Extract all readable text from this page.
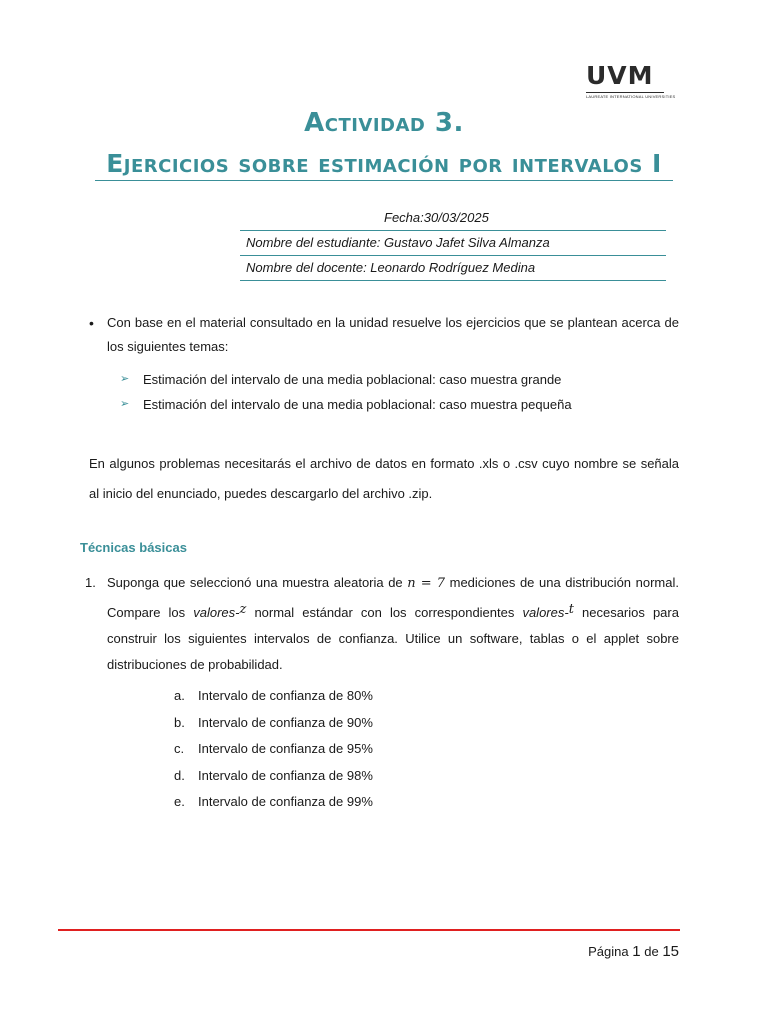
UVM
LAUREATE INTERNATIONAL UNIVERSITIES
Actividad 3.
Ejercicios sobre estimación por intervalos I
Fecha:30/03/2025
Nombre del estudiante: Gustavo Jafet Silva Almanza
Nombre del docente: Leonardo Rodríguez Medina
• Con base en el material consultado en la unidad resuelve los ejercicios que se plantean acerca de los siguientes temas:
➢ Estimación del intervalo de una media poblacional: caso muestra grande
➢ Estimación del intervalo de una media poblacional: caso muestra pequeña
En algunos problemas necesitarás el archivo de datos en formato .xls o .csv cuyo nombre se señala al inicio del enunciado, puedes descargarlo del archivo .zip.
Técnicas básicas
1. Suponga que seleccionó una muestra aleatoria de n = 7 mediciones de una distribución normal. Compare los valores-z normal estándar con los correspondientes valores-t necesarios para construir los siguientes intervalos de confianza. Utilice un software, tablas o el applet sobre distribuciones de probabilidad.
a. Intervalo de confianza de 80%
b. Intervalo de confianza de 90%
c. Intervalo de confianza de 95%
d. Intervalo de confianza de 98%
e. Intervalo de confianza de 99%
Página 1 de 15
